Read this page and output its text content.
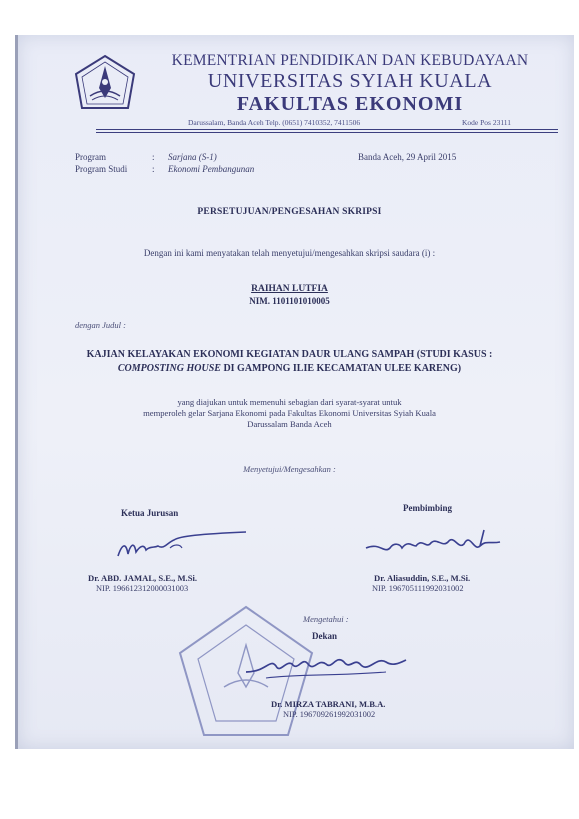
KEMENTRIAN PENDIDIKAN DAN KEBUDAYAAN
UNIVERSITAS SYIAH KUALA
FAKULTAS EKONOMI
Darussalam, Banda Aceh Telp. (0651) 7410352, 7411506	Kode Pos 23111
Program	: Sarjana (S-1)
Program Studi	: Ekonomi Pembangunan
Banda Aceh, 29 April 2015
PERSETUJUAN/PENGESAHAN SKRIPSI
Dengan ini kami menyatakan telah menyetujui/mengesahkan skripsi saudara (i) :
RAIHAN LUTFIA
NIM. 1101101010005
dengan Judul :
KAJIAN KELAYAKAN EKONOMI KEGIATAN DAUR ULANG SAMPAH (STUDI KASUS :
COMPOSTING HOUSE DI GAMPONG ILIE KECAMATAN ULEE KARENG)
yang diajukan untuk memenuhi sebagian dari syarat-syarat untuk
memperoleh gelar Sarjana Ekonomi pada Fakultas Ekonomi Universitas Syiah Kuala
Darussalam Banda Aceh
Menyetujui/Mengesahkan :
Ketua Jurusan
Dr. ABD. JAMAL, S.E., M.Si.
NIP. 196612312000031003
Pembimbing
Dr. Aliasuddin, S.E., M.Si.
NIP. 196705111992031002
Mengetahui :
Dekan
Dr. MIRZA TABRANI, M.B.A.
NIP. 196709261992031002
